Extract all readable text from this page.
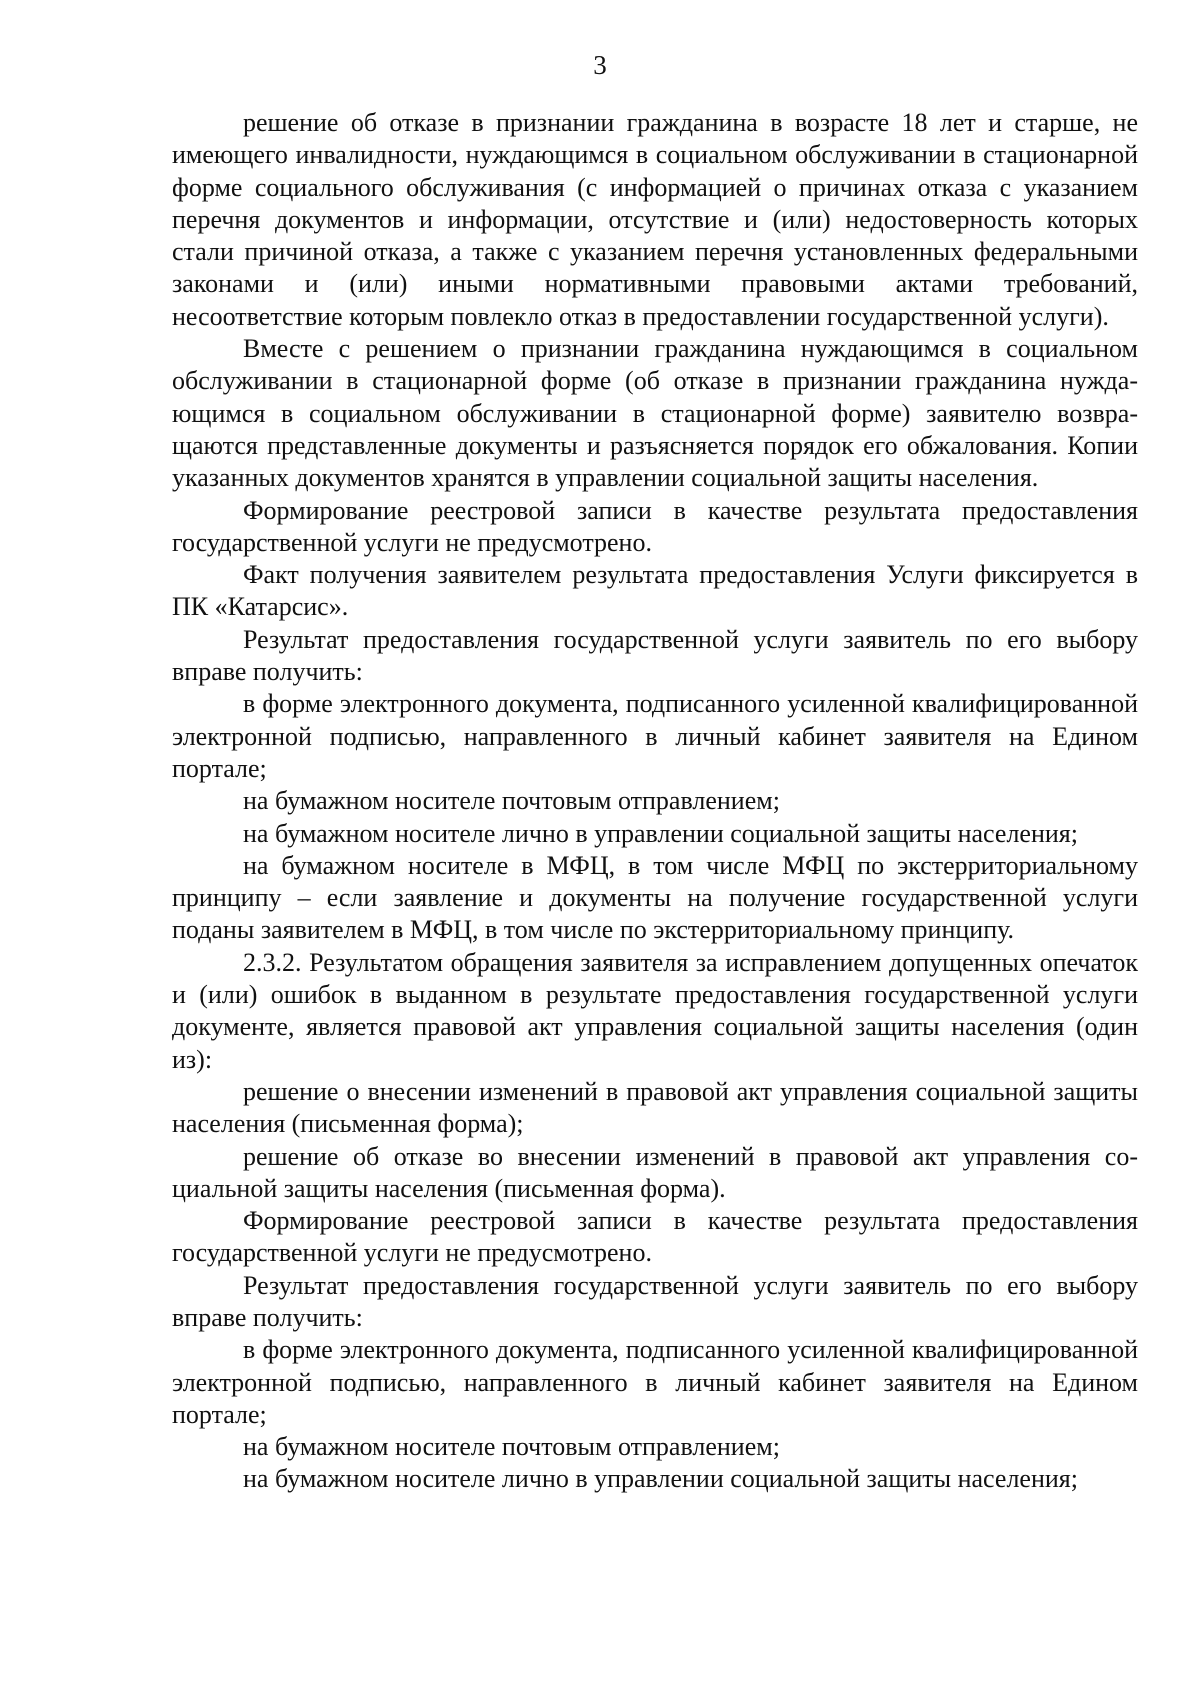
3

решение об отказе в признании гражданина в возрасте 18 лет и старше, не имеющего инвалидности, нуждающимся в социальном обслуживании в стационарной форме социального обслуживания (с информацией о причинах отказа с указанием перечня документов и информации, отсутствие и (или) недостоверность которых стали причиной отказа, а также с указанием перечня установленных федеральными законами и (или) иными нормативными правовыми актами требований, несоответствие которым повлекло отказ в предоставлении государственной услуги).

Вместе с решением о признании гражданина нуждающимся в социальном обслуживании в стационарной форме (об отказе в признании гражданина нуждающимся в социальном обслуживании в стационарной форме) заявителю возвращаются представленные документы и разъясняется порядок его обжалования. Копии указанных документов хранятся в управлении социальной защиты населения.

Формирование реестровой записи в качестве результата предоставления государственной услуги не предусмотрено.

Факт получения заявителем результата предоставления Услуги фиксируется в ПК «Катарсис».

Результат предоставления государственной услуги заявитель по его выбору вправе получить:

в форме электронного документа, подписанного усиленной квалифицированной электронной подписью, направленного в личный кабинет заявителя на Едином портале;

на бумажном носителе почтовым отправлением;

на бумажном носителе лично в управлении социальной защиты населения;

на бумажном носителе в МФЦ, в том числе МФЦ по экстерриториальному принципу – если заявление и документы на получение государственной услуги поданы заявителем в МФЦ, в том числе по экстерриториальному принципу.

2.3.2. Результатом обращения заявителя за исправлением допущенных опечаток и (или) ошибок в выданном в результате предоставления государственной услуги документе, является правовой акт управления социальной защиты населения (один из):

решение о внесении изменений в правовой акт управления социальной защиты населения (письменная форма);

решение об отказе во внесении изменений в правовой акт управления социальной защиты населения (письменная форма).

Формирование реестровой записи в качестве результата предоставления государственной услуги не предусмотрено.

Результат предоставления государственной услуги заявитель по его выбору вправе получить:

в форме электронного документа, подписанного усиленной квалифицированной электронной подписью, направленного в личный кабинет заявителя на Едином портале;

на бумажном носителе почтовым отправлением;

на бумажном носителе лично в управлении социальной защиты населения;
